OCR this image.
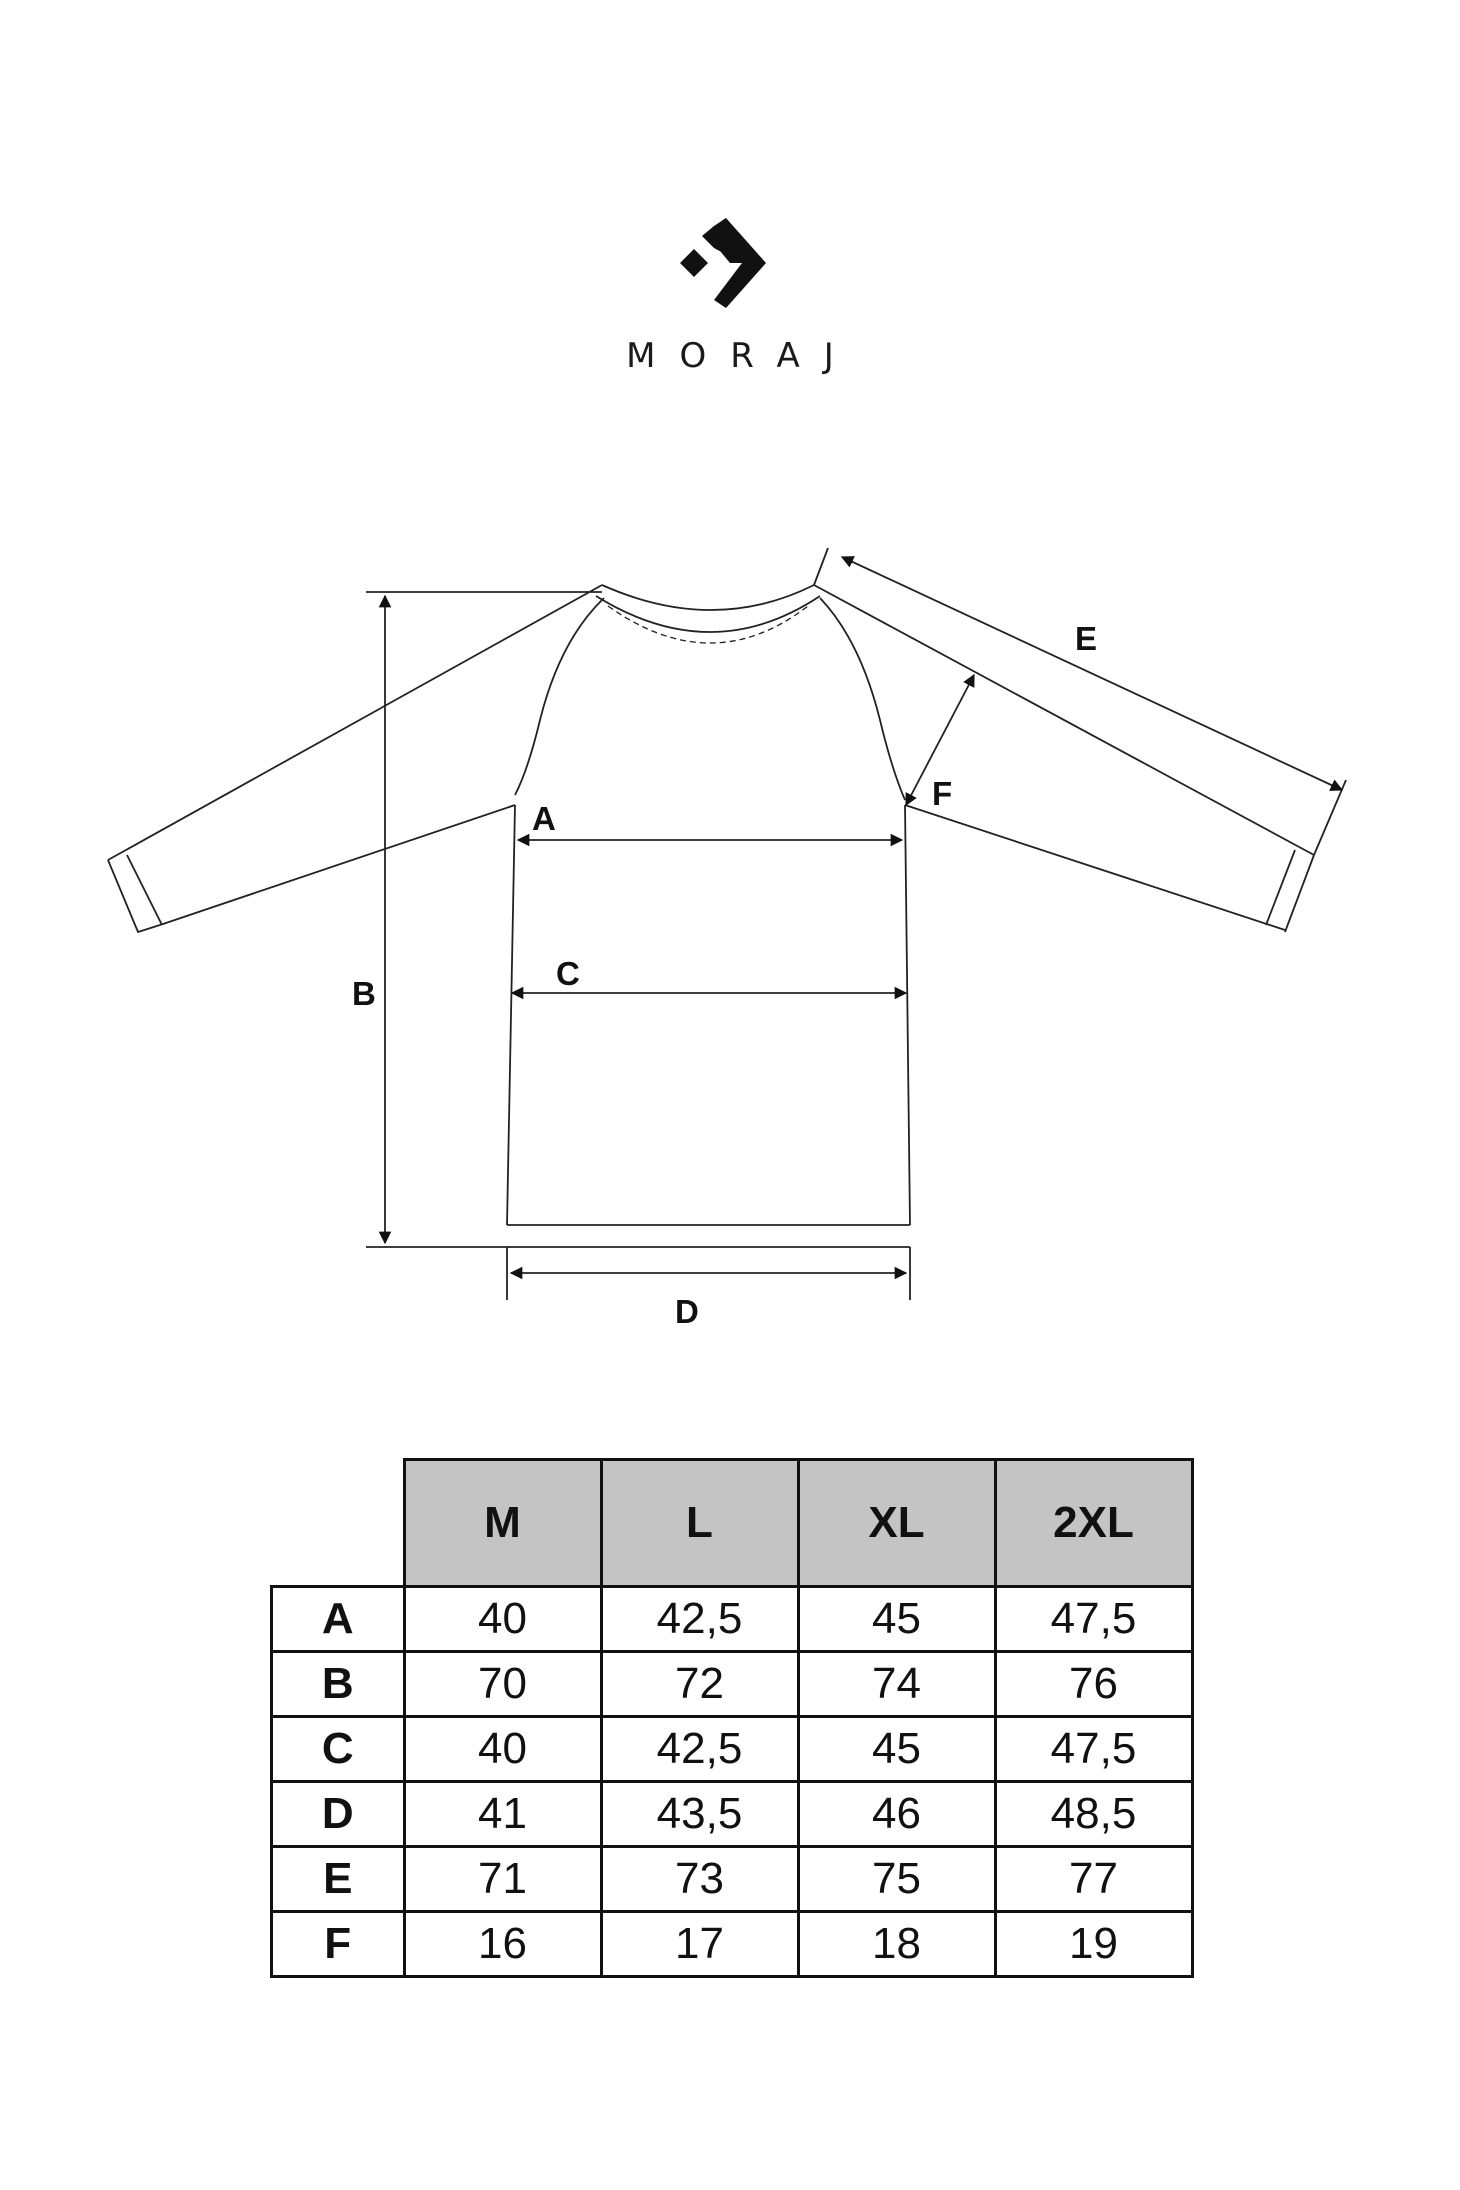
MORAJ
A
B
C
D
E
F
	M	L	XL	2XL
A	40	42,5	45	47,5
B	70	72	74	76
C	40	42,5	45	47,5
D	41	43,5	46	48,5
E	71	73	75	77
F	16	17	18	19
